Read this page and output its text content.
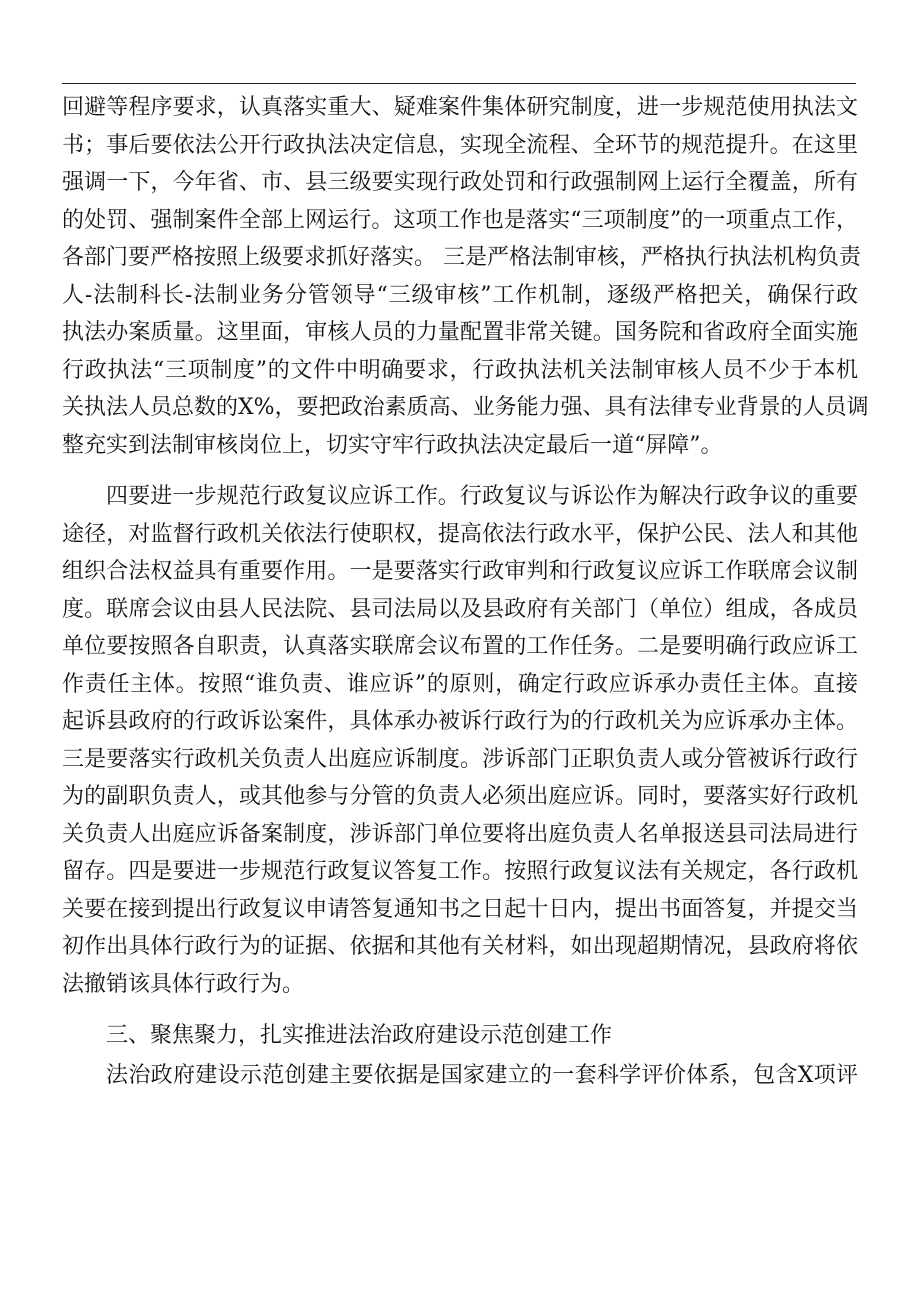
回避等程序要求，认真落实重大、疑难案件集体研究制度，进一步规范使用执法文
书；事后要依法公开行政执法决定信息，实现全流程、全环节的规范提升。在这里
强调一下，今年省、市、县三级要实现行政处罚和行政强制网上运行全覆盖，所有
的处罚、强制案件全部上网运行。这项工作也是落实“三项制度”的一项重点工作，
各部门要严格按照上级要求抓好落实。 三是严格法制审核，严格执行执法机构负责
人-法制科长-法制业务分管领导“三级审核”工作机制，逐级严格把关，确保行政
执法办案质量。这里面，审核人员的力量配置非常关键。国务院和省政府全面实施
行政执法“三项制度”的文件中明确要求，行政执法机关法制审核人员不少于本机
关执法人员总数的X%，要把政治素质高、业务能力强、具有法律专业背景的人员调
整充实到法制审核岗位上，切实守牢行政执法决定最后一道“屏障”。
四要进一步规范行政复议应诉工作。行政复议与诉讼作为解决行政争议的重要
途径，对监督行政机关依法行使职权，提高依法行政水平，保护公民、法人和其他
组织合法权益具有重要作用。一是要落实行政审判和行政复议应诉工作联席会议制
度。联席会议由县人民法院、县司法局以及县政府有关部门（单位）组成，各成员
单位要按照各自职责，认真落实联席会议布置的工作任务。二是要明确行政应诉工
作责任主体。按照“谁负责、谁应诉”的原则，确定行政应诉承办责任主体。直接
起诉县政府的行政诉讼案件，具体承办被诉行政行为的行政机关为应诉承办主体。
三是要落实行政机关负责人出庭应诉制度。涉诉部门正职负责人或分管被诉行政行
为的副职负责人，或其他参与分管的负责人必须出庭应诉。同时，要落实好行政机
关负责人出庭应诉备案制度，涉诉部门单位要将出庭负责人名单报送县司法局进行
留存。四是要进一步规范行政复议答复工作。按照行政复议法有关规定，各行政机
关要在接到提出行政复议申请答复通知书之日起十日内，提出书面答复，并提交当
初作出具体行政行为的证据、依据和其他有关材料，如出现超期情况，县政府将依
法撤销该具体行政行为。
三、聚焦聚力，扎实推进法治政府建设示范创建工作
法治政府建设示范创建主要依据是国家建立的一套科学评价体系，包含X项评
